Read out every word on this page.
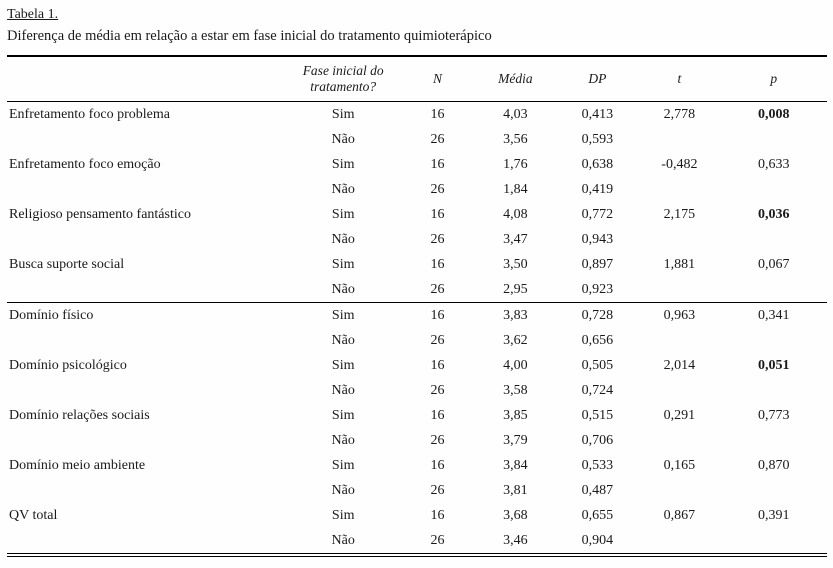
Tabela 1.
Diferença de média em relação a estar em fase inicial do tratamento quimioterápico
	Fase inicial do tratamento?	N	Média	DP	t	p
Enfretamento foco problema	Sim	16	4,03	0,413	2,778	0,008
	Não	26	3,56	0,593		
Enfretamento foco emoção	Sim	16	1,76	0,638	-0,482	0,633
	Não	26	1,84	0,419		
Religioso pensamento fantástico	Sim	16	4,08	0,772	2,175	0,036
	Não	26	3,47	0,943		
Busca suporte social	Sim	16	3,50	0,897	1,881	0,067
	Não	26	2,95	0,923		
Domínio físico	Sim	16	3,83	0,728	0,963	0,341
	Não	26	3,62	0,656		
Domínio psicológico	Sim	16	4,00	0,505	2,014	0,051
	Não	26	3,58	0,724		
Domínio relações sociais	Sim	16	3,85	0,515	0,291	0,773
	Não	26	3,79	0,706		
Domínio meio ambiente	Sim	16	3,84	0,533	0,165	0,870
	Não	26	3,81	0,487		
QV total	Sim	16	3,68	0,655	0,867	0,391
	Não	26	3,46	0,904		
